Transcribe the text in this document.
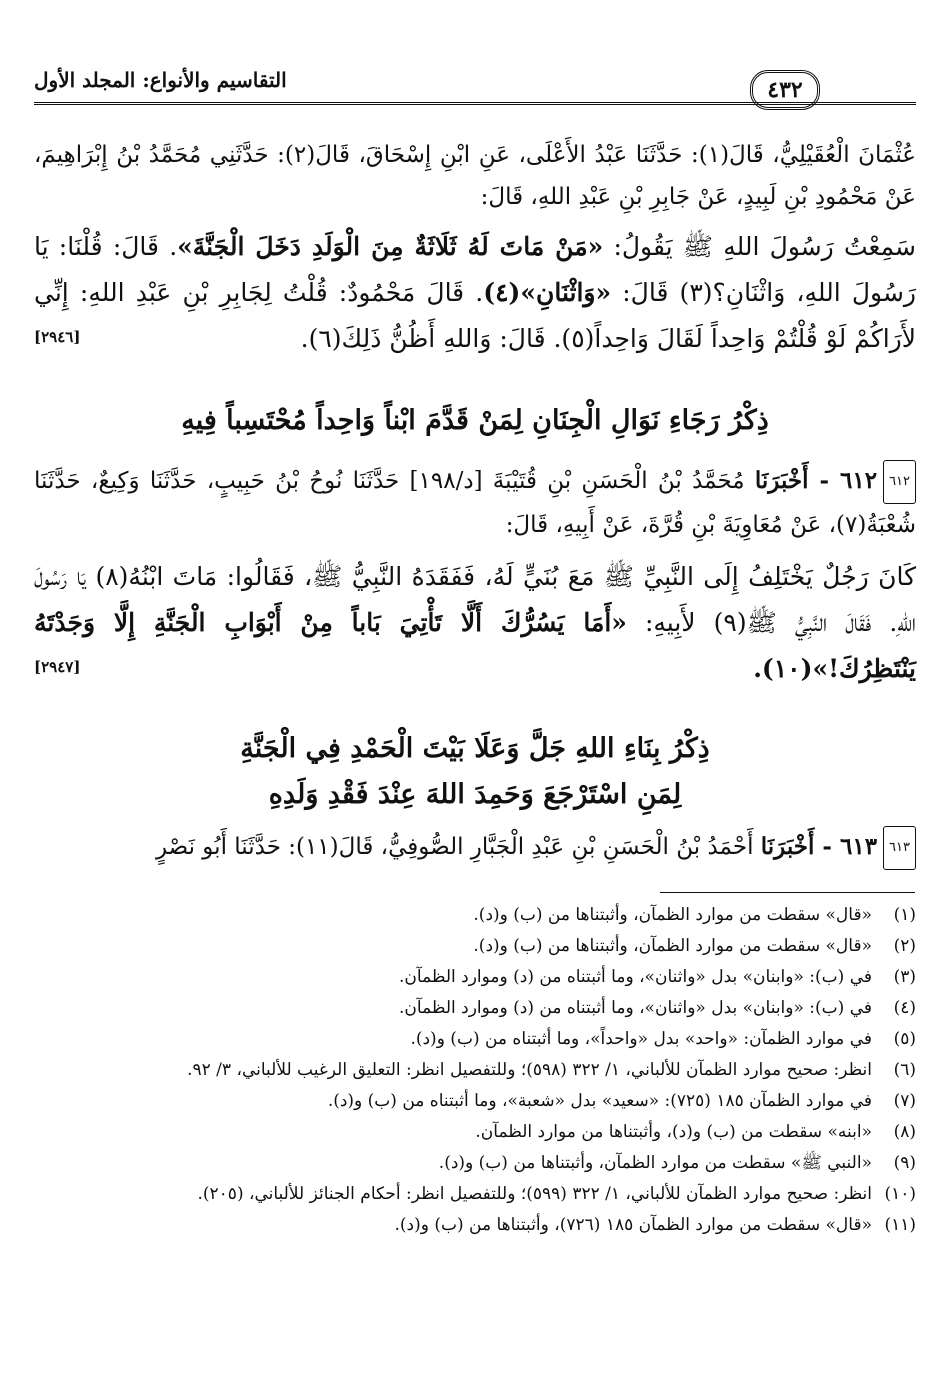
٤٣٢
التقاسيم والأنواع: المجلد الأول

عُثْمَانَ الْعُقَيْلِيُّ، قَالَ(١): حَدَّثَنَا عَبْدُ الأَعْلَى، عَنِ ابْنِ إِسْحَاقَ، قَالَ(٢): حَدَّثَنِي مُحَمَّدُ بْنُ إِبْرَاهِيمَ، عَنْ مَحْمُودِ بْنِ لَبِيدٍ، عَنْ جَابِرِ بْنِ عَبْدِ اللهِ، قَالَ:

سَمِعْتُ رَسُولَ اللهِ ﷺ يَقُولُ: «مَنْ مَاتَ لَهُ ثَلَاثَةٌ مِنَ الْوَلَدِ دَخَلَ الْجَنَّةَ». قَالَ: قُلْنَا: يَا رَسُولَ اللهِ، وَاثْنَانِ؟(٣) قَالَ: «وَاثْنَانِ»(٤). قَالَ مَحْمُودٌ: قُلْتُ لِجَابِرِ بْنِ عَبْدِ اللهِ: إِنِّي لأَرَاكُمْ لَوْ قُلْتُمْ وَاحِداً لَقَالَ وَاحِداً(٥). قَالَ: وَاللهِ أَظُنُّ ذَلِكَ(٦).

[٢٩٤٦]
ذِكْرُ رَجَاءِ نَوَالِ الْجِنَانِ لِمَنْ قَدَّمَ ابْناً وَاحِداً مُحْتَسِباً فِيهِ

٦١٢٦١٢ - أَخْبَرَنَا مُحَمَّدُ بْنُ الْحَسَنِ بْنِ قُتَيْبَةَ [د/١٩٨] حَدَّثَنَا نُوحُ بْنُ حَبِيبٍ، حَدَّثَنَا وَكِيعٌ، حَدَّثَنَا شُعْبَةُ(٧)، عَنْ مُعَاوِيَةَ بْنِ قُرَّةَ، عَنْ أَبِيهِ، قَالَ:

كَانَ رَجُلٌ يَخْتَلِفُ إِلَى النَّبِيِّ ﷺ مَعَ بُنَيٍّ لَهُ، فَفَقَدَهُ النَّبِيُّ ﷺ، فَقَالُوا: مَاتَ ابْنُهُ(٨) يَا رَسُولَ اللهِ. فَقَالَ النَّبِيُّ ﷺ(٩) لأَبِيهِ: «أَمَا يَسُرُّكَ أَلَّا تَأْتِيَ بَاباً مِنْ أَبْوَابِ الْجَنَّةِ إِلَّا وَجَدْتَهُ يَنْتَظِرُكَ!»(١٠).

[٢٩٤٧]
ذِكْرُ بِنَاءِ اللهِ جَلَّ وَعَلَا بَيْتَ الْحَمْدِ فِي الْجَنَّةِ
لِمَنِ اسْتَرْجَعَ وَحَمِدَ اللهَ عِنْدَ فَقْدِ وَلَدِهِ

٦١٣٦١٣ - أَخْبَرَنَا أَحْمَدُ بْنُ الْحَسَنِ بْنِ عَبْدِ الْجَبَّارِ الصُّوفِيُّ، قَالَ(١١): حَدَّثَنَا أَبُو نَصْرٍ

(١)
«قال» سقطت من موارد الظمآن، وأثبتناها من (ب) و(د).

(٢)
«قال» سقطت من موارد الظمآن، وأثبتناها من (ب) و(د).

(٣)
في (ب): «وابنان» بدل «واثنان»، وما أثبتناه من (د) وموارد الظمآن.

(٤)
في (ب): «وابنان» بدل «واثنان»، وما أثبتناه من (د) وموارد الظمآن.

(٥)
في موارد الظمآن: «واحد» بدل «واحداً»، وما أثبتناه من (ب) و(د).

(٦)
انظر: صحيح موارد الظمآن للألباني، ١/ ٣٢٢ (٥٩٨)؛ وللتفصيل انظر: التعليق الرغيب للألباني، ٣/ ٩٢.

(٧)
في موارد الظمآن ١٨٥ (٧٢٥): «سعيد» بدل «شعبة»، وما أثبتناه من (ب) و(د).

(٨)
«ابنه» سقطت من (ب) و(د)، وأثبتناها من موارد الظمآن.

(٩)
«النبي ﷺ» سقطت من موارد الظمآن، وأثبتناها من (ب) و(د).

(١٠)
انظر: صحيح موارد الظمآن للألباني، ١/ ٣٢٢ (٥٩٩)؛ وللتفصيل انظر: أحكام الجنائز للألباني، (٢٠٥).

(١١)
«قال» سقطت من موارد الظمآن ١٨٥ (٧٢٦)، وأثبتناها من (ب) و(د).
